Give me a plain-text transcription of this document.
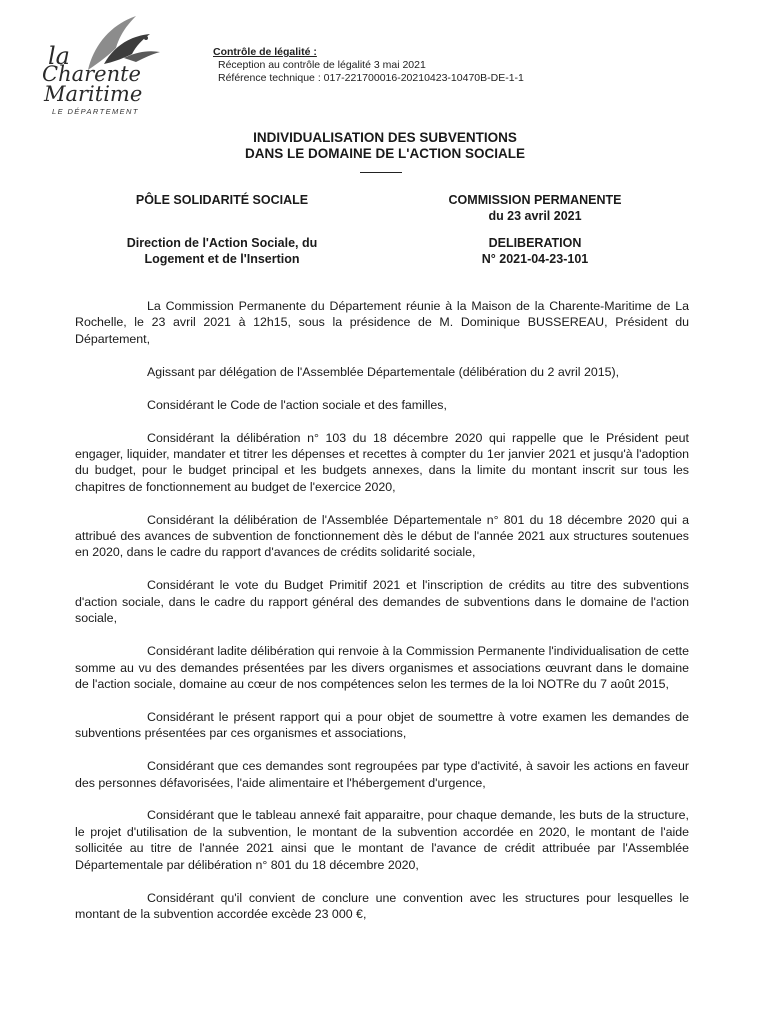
la
Charente
Maritime
LE DÉPARTEMENT
Contrôle de légalité :
Réception au contrôle de légalité 3 mai 2021
Référence technique : 017-221700016-20210423-10470B-DE-1-1
INDIVIDUALISATION DES SUBVENTIONS
DANS LE DOMAINE DE L'ACTION SOCIALE
PÔLE SOLIDARITÉ SOCIALE
Direction de l'Action Sociale, du
Logement et de l'Insertion
COMMISSION PERMANENTE
du 23 avril 2021
DELIBERATION
N° 2021-04-23-101

La Commission Permanente du Département réunie à la Maison de la Charente-Maritime de La Rochelle, le 23 avril 2021 à 12h15, sous la présidence de M. Dominique BUSSEREAU, Président du Département,

Agissant par délégation de l'Assemblée Départementale (délibération du 2 avril 2015),

Considérant le Code de l'action sociale et des familles,

Considérant la délibération n° 103 du 18 décembre 2020 qui rappelle que le Président peut engager, liquider, mandater et titrer les dépenses et recettes à compter du 1er janvier 2021 et jusqu'à l'adoption du budget, pour le budget principal et les budgets annexes, dans la limite du montant inscrit sur tous les chapitres de fonctionnement au budget de l'exercice 2020,

Considérant la délibération de l'Assemblée Départementale n° 801 du 18 décembre 2020 qui a attribué des avances de subvention de fonctionnement dès le début de l'année 2021 aux structures soutenues en 2020, dans le cadre du rapport d'avances de crédits solidarité sociale,

Considérant le vote du Budget Primitif 2021 et l'inscription de crédits au titre des subventions d'action sociale, dans le cadre du rapport général des demandes de subventions dans le domaine de l'action sociale,

Considérant ladite délibération qui renvoie à la Commission Permanente l'individualisation de cette somme au vu des demandes présentées par les divers organismes et associations œuvrant dans le domaine de l'action sociale, domaine au cœur de nos compétences selon les termes de la loi NOTRe du 7 août 2015,

Considérant le présent rapport qui a pour objet de soumettre à votre examen les demandes de subventions présentées par ces organismes et associations,

Considérant que ces demandes sont regroupées par type d'activité, à savoir les actions en faveur des personnes défavorisées, l'aide alimentaire et l'hébergement d'urgence,

Considérant que le tableau annexé fait apparaitre, pour chaque demande, les buts de la structure, le projet d'utilisation de la subvention, le montant de la subvention accordée en 2020, le montant de l'aide sollicitée au titre de l'année 2021 ainsi que le montant de l'avance de crédit attribuée par l'Assemblée Départementale par délibération n° 801 du 18 décembre 2020,

Considérant qu'il convient de conclure une convention avec les structures pour lesquelles le montant de la subvention accordée excède 23 000 €,
